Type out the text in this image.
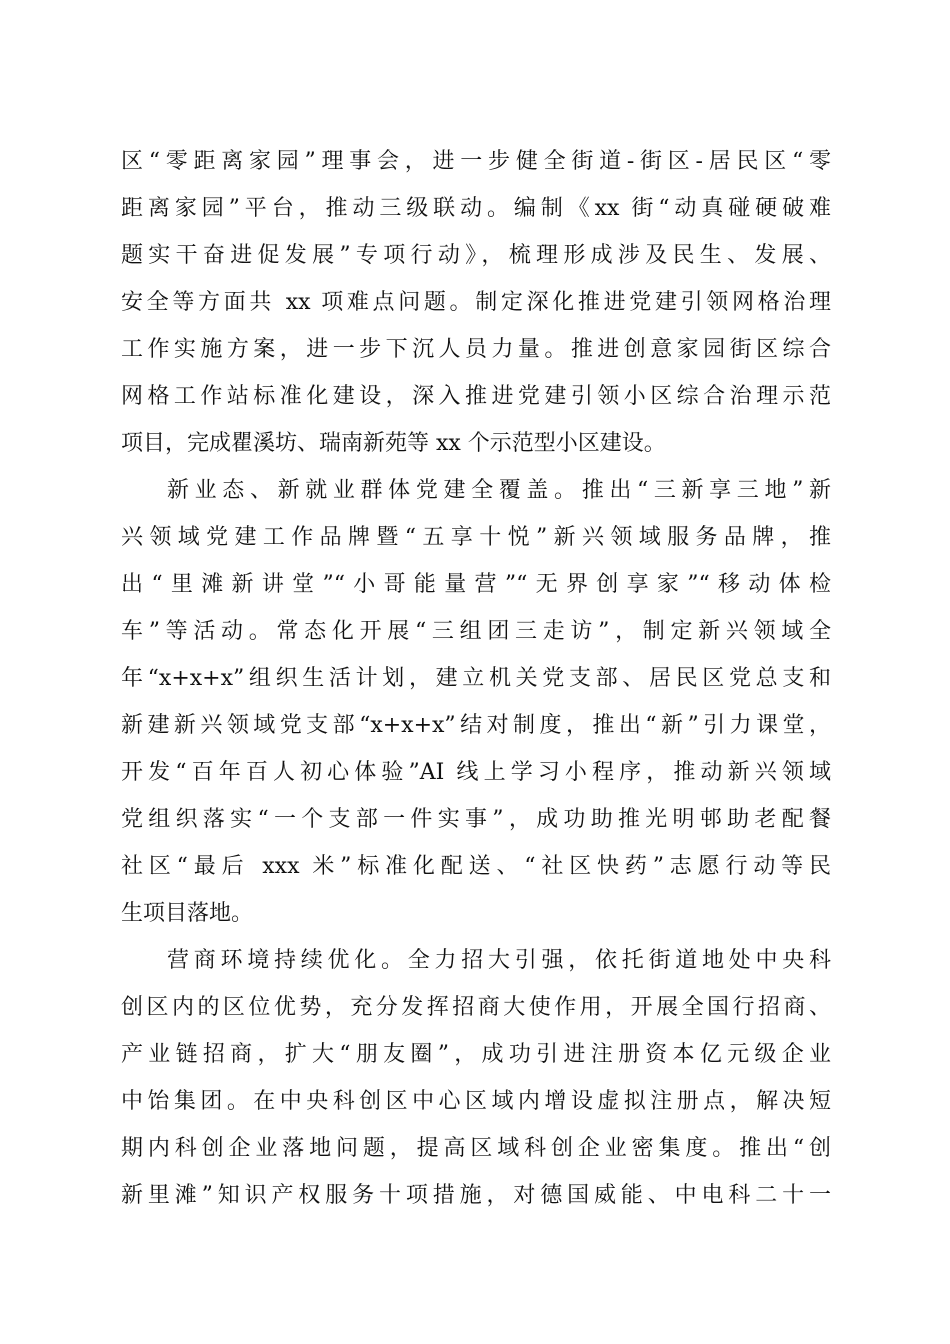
区“零距离家园”理事会，进一步健全街道-街区-居民区“零
距离家园”平台，推动三级联动。编制《xx 街“动真碰硬破难
题实干奋进促发展”专项行动》，梳理形成涉及民生、发展、
安全等方面共 xx 项难点问题。制定深化推进党建引领网格治理
工作实施方案，进一步下沉人员力量。推进创意家园街区综合
网格工作站标准化建设，深入推进党建引领小区综合治理示范
项目，完成瞿溪坊、瑞南新苑等 xx 个示范型小区建设。
新业态、新就业群体党建全覆盖。推出“三新享三地”新
兴领域党建工作品牌暨“五享十悦”新兴领域服务品牌，推
出“里滩新讲堂”“小哥能量营”“无界创享家”“移动体检
车”等活动。常态化开展“三组团三走访”，制定新兴领域全
年“x+x+x”组织生活计划，建立机关党支部、居民区党总支和
新建新兴领域党支部“x+x+x”结对制度，推出“新”引力课堂，
开发“百年百人初心体验”AI 线上学习小程序，推动新兴领域
党组织落实“一个支部一件实事”，成功助推光明邨助老配餐
社区“最后 xxx 米”标准化配送、“社区快药”志愿行动等民
生项目落地。
营商环境持续优化。全力招大引强，依托街道地处中央科
创区内的区位优势，充分发挥招商大使作用，开展全国行招商、
产业链招商，扩大“朋友圈”，成功引进注册资本亿元级企业
中饴集团。在中央科创区中心区域内增设虚拟注册点，解决短
期内科创企业落地问题，提高区域科创企业密集度。推出“创
新里滩”知识产权服务十项措施，对德国威能、中电科二十一
